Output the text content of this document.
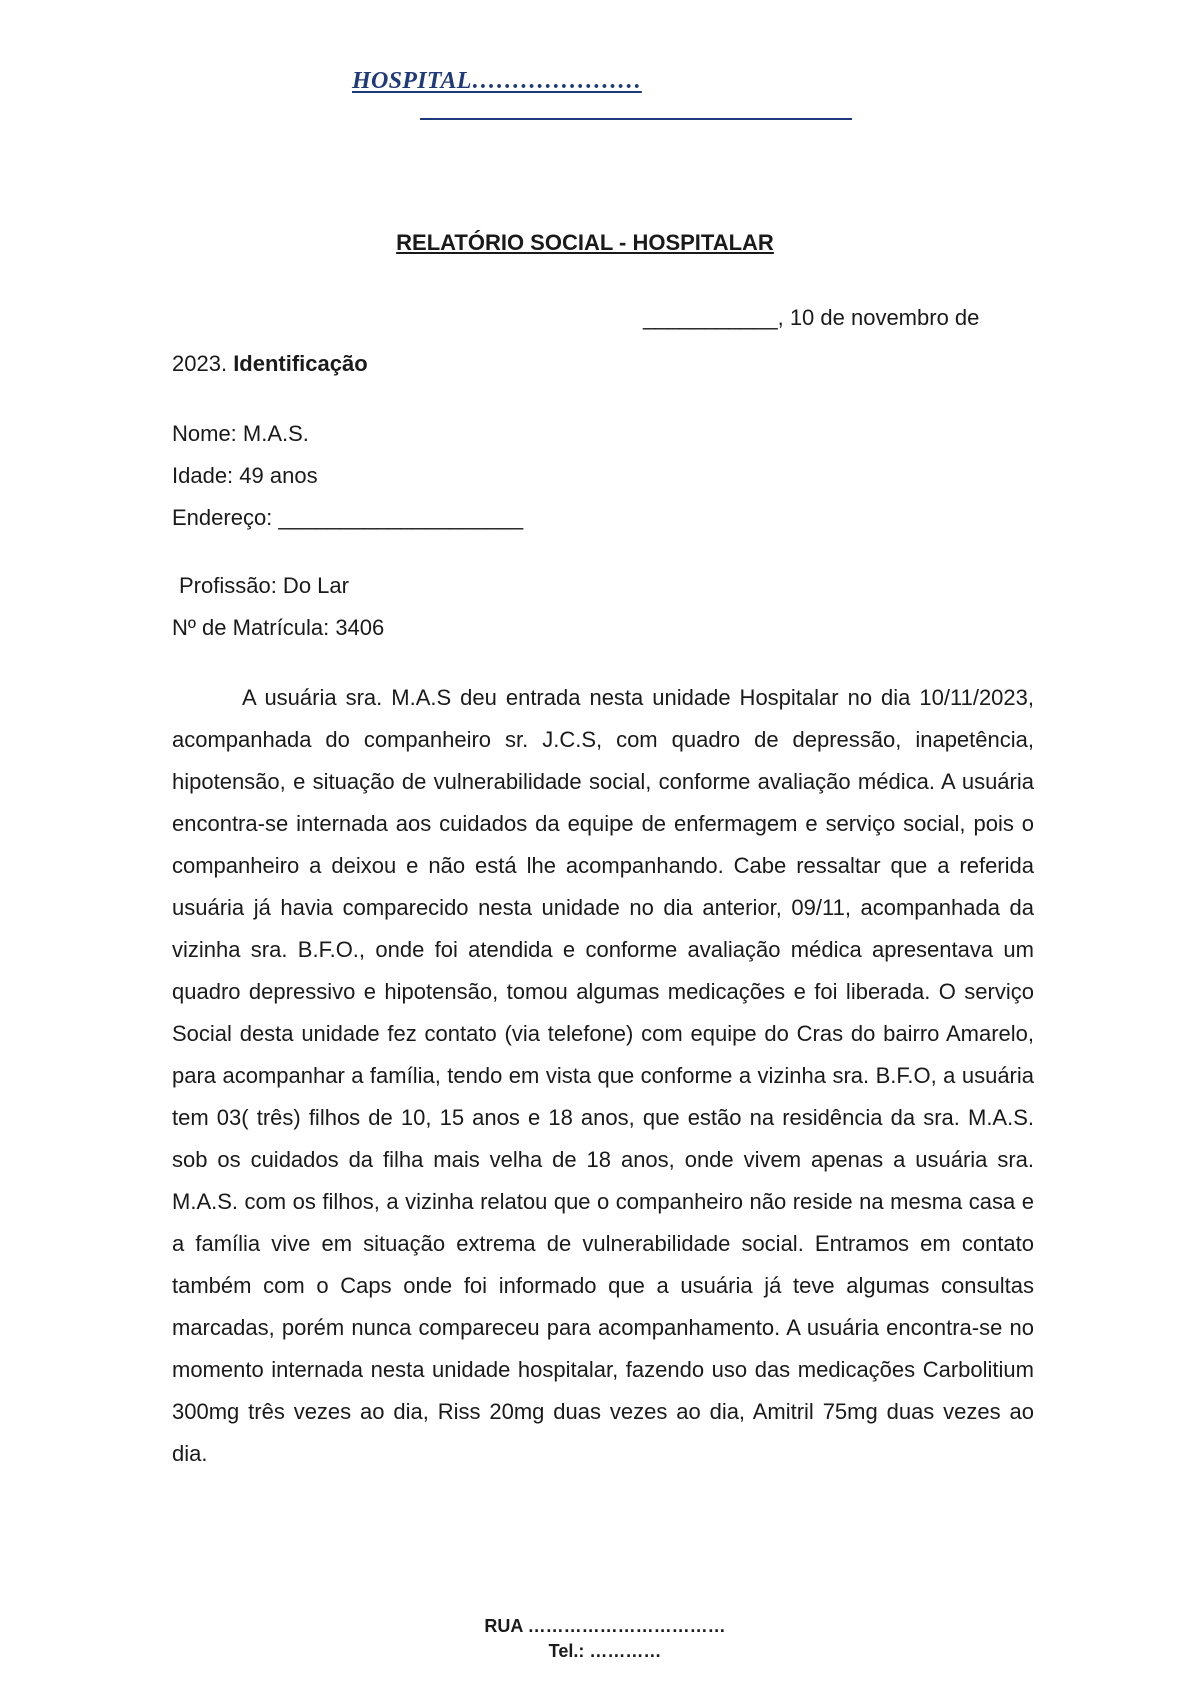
HOSPITAL…………………
RELATÓRIO SOCIAL - HOSPITALAR
___________, 10 de novembro de
2023. Identificação
Nome: M.A.S.
Idade: 49 anos
Endereço: ____________________
Profissão: Do Lar
Nº de Matrícula: 3406

A usuária sra. M.A.S deu entrada nesta unidade Hospitalar no dia 10/11/2023, acompanhada do companheiro sr. J.C.S, com quadro de depressão, inapetência, hipotensão, e situação de vulnerabilidade social, conforme avaliação médica. A usuária encontra-se internada aos cuidados da equipe de enfermagem e serviço social, pois o companheiro a deixou e não está lhe acompanhando. Cabe ressaltar que a referida usuária já havia comparecido nesta unidade no dia anterior, 09/11, acompanhada da vizinha sra. B.F.O., onde foi atendida e conforme avaliação médica apresentava um quadro depressivo e hipotensão, tomou algumas medicações e foi liberada. O serviço Social desta unidade fez contato (via telefone) com equipe do Cras do bairro Amarelo, para acompanhar a família, tendo em vista que conforme a vizinha sra. B.F.O, a usuária tem 03( três) filhos de 10, 15 anos e 18 anos, que estão na residência da sra. M.A.S. sob os cuidados da filha mais velha de 18 anos, onde vivem apenas a usuária sra. M.A.S. com os filhos, a vizinha relatou que o companheiro não reside na mesma casa e a família vive em situação extrema de vulnerabilidade social. Entramos em contato também com o Caps onde foi informado que a usuária já teve algumas consultas marcadas, porém nunca compareceu para acompanhamento. A usuária encontra-se no momento internada nesta unidade hospitalar, fazendo uso das medicações Carbolitium 300mg três vezes ao dia, Riss 20mg duas vezes ao dia, Amitril 75mg duas vezes ao dia.

RUA ……………………………
Tel.: …………
